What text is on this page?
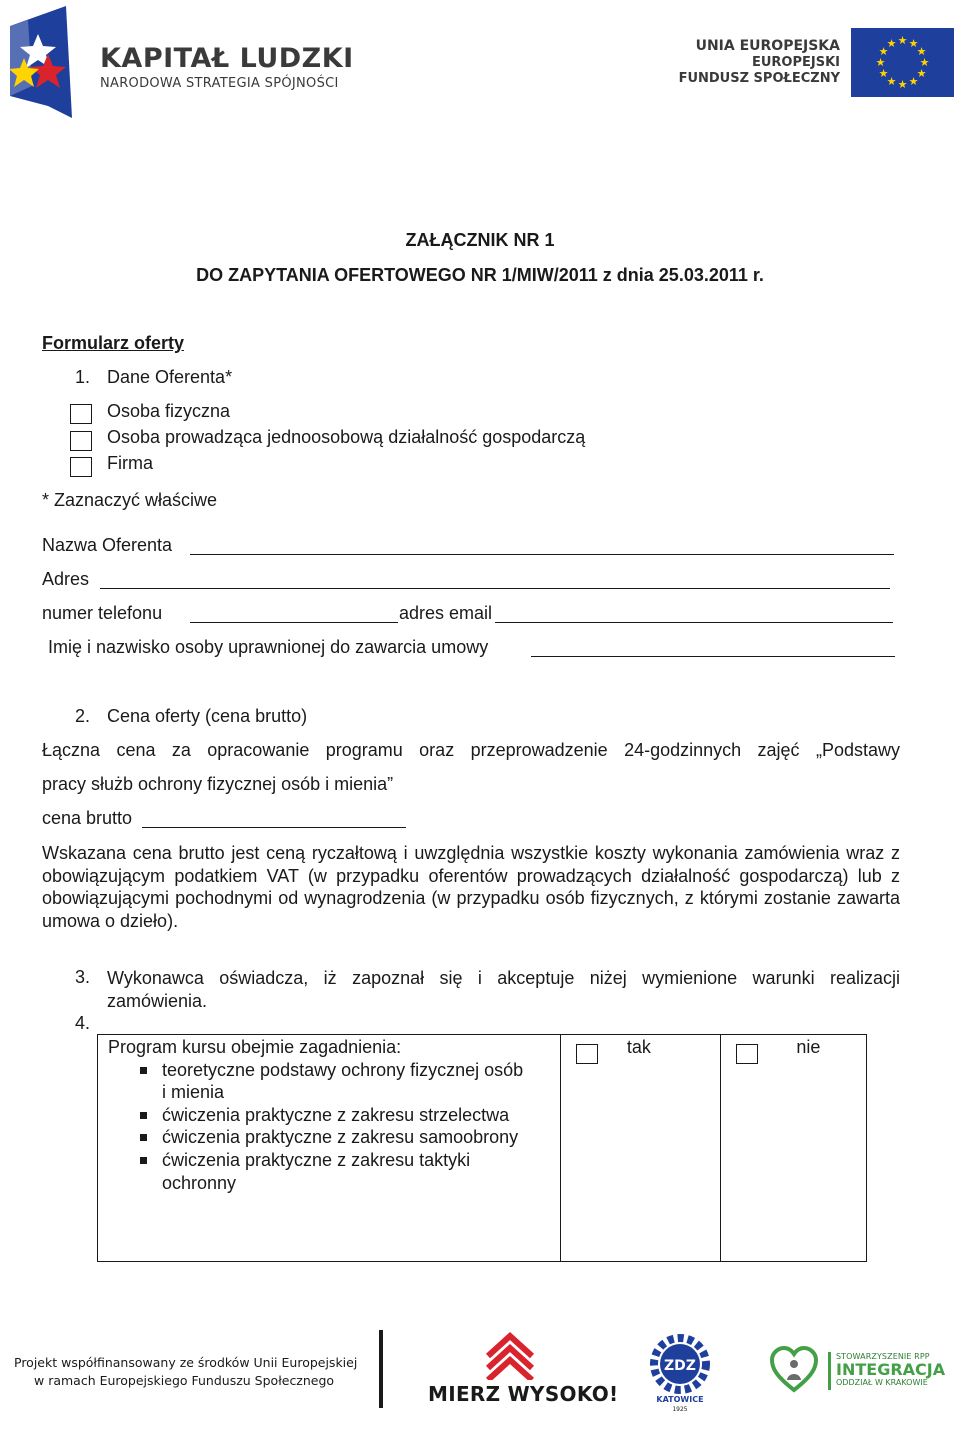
KAPITAŁ LUDZKI
NARODOWA STRATEGIA SPÓJNOŚCI
UNIA EUROPEJSKA
EUROPEJSKI
FUNDUSZ SPOŁECZNY
★ ★
★
★
★
★
★
★
★
★
★
★
ZAŁĄCZNIK NR 1
DO ZAPYTANIA OFERTOWEGO NR 1/MIW/2011 z dnia 25.03.2011 r.
Formularz oferty
1. Dane Oferenta*
Osoba fizyczna
Osoba prowadząca jednoosobową działalność gospodarczą
Firma
* Zaznaczyć właściwe
Nazwa Oferenta
Adres
numer telefonu	adres email
Imię i nazwisko osoby uprawnionej do zawarcia umowy
2. Cena oferty (cena brutto)
Łączna cena za opracowanie programu oraz przeprowadzenie 24-godzinnych zajęć „Podstawy
pracy służb ochrony fizycznej osób i mienia”
cena brutto
Wskazana cena brutto jest ceną ryczałtową i uwzględnia wszystkie koszty wykonania zamówienia wraz z obowiązującym podatkiem VAT (w przypadku oferentów prowadzących działalność gospodarczą) lub z obowiązującymi pochodnymi od wynagrodzenia (w przypadku osób fizycznych, z którymi zostanie zawarta umowa o dzieło).
3. Wykonawca oświadcza, iż zapoznał się i akceptuje niżej wymienione warunki realizacji zamówienia.
4.
Program kursu obejmie zagadnienia:
teoretyczne podstawy ochrony fizycznej osób i mienia
ćwiczenia praktyczne z zakresu strzelectwa
ćwiczenia praktyczne z zakresu samoobrony
ćwiczenia praktyczne z zakresu taktyki ochronny

tak	nie
Projekt współfinansowany ze środków Unii Europejskiej
w ramach Europejskiego Funduszu Społecznego
MIERZ WYSOKO!
ZDZ
KATOWICE
1925
STOWARZYSZENIE RPP
INTEGRACJA
ODDZIAŁ W KRAKOWIE
